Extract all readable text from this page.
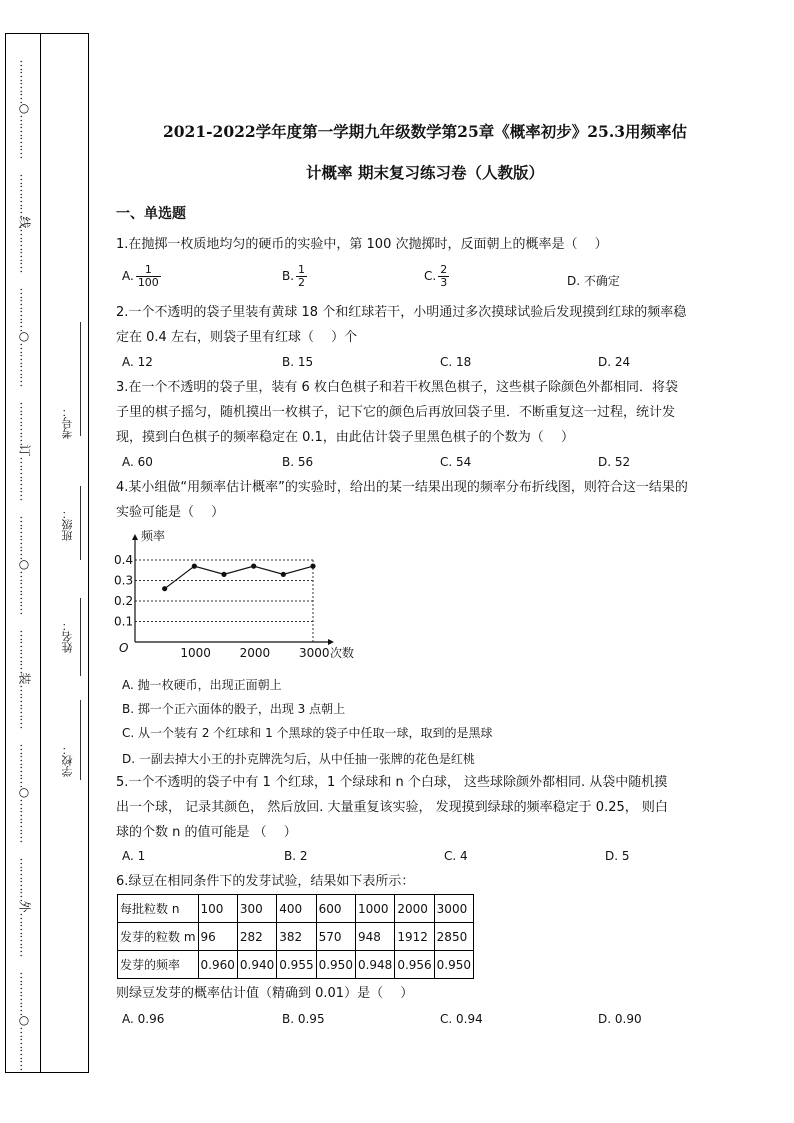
…
…
…
…
…
…
…
…
○
…
…
…
…
…
…
…
…
线
…
…
…
…
…
…
…
…
○
…
…
…
…
…
…
…
…
订
…
…
…
…
…
…
…
…
○
…
…
…
…
…
…
…
…
装
…
…
…
…
…
…
…
…
○
…
…
…
…
…
…
…
…
外
…
…
…
…
…
…
…
…
○
考号：
班级：
姓名：
学校：
2021-2022学年度第一学期九年级数学第25章《概率初步》25.3用频率估
计概率 期末复习练习卷（人教版）
一、单选题
1.在抛掷一枚质地均匀的硬币的实验中，第 100 次抛掷时，反面朝上的概率是（　 ）
A. $\frac{1}{100}$	B. $\frac{1}{2}$	C. $\frac{2}{3}$	D. 不确定
2.一个不透明的袋子里装有黄球 18 个和红球若干，小明通过多次摸球试验后发现摸到红球的频率稳
定在 0.4 左右，则袋子里有红球（　 ）个
A. 12	B. 15	C. 18	D. 24
3.在一个不透明的袋子里，装有 6 枚白色棋子和若干枚黑色棋子，这些棋子除颜色外都相同．将袋
子里的棋子摇匀，随机摸出一枚棋子，记下它的颜色后再放回袋子里．不断重复这一过程，统计发
现，摸到白色棋子的频率稳定在 0.1，由此估计袋子里黑色棋子的个数为（　 ）
A. 60	B. 56	C. 54	D. 52
4.某小组做“用频率估计概率”的实验时，给出的某一结果出现的频率分布折线图，则符合这一结果的
实验可能是（　 ）
0.1
0.2
0.3
0.4
1000 2000 3000
频率
次数
O
A. 抛一枚硬币，出现正面朝上
B. 掷一个正六面体的骰子，出现 3 点朝上
C. 从一个装有 2 个红球和 1 个黑球的袋子中任取一球，取到的是黑球
D. 一副去掉大小王的扑克牌洗匀后，从中任抽一张牌的花色是红桃
5.一个不透明的袋子中有 1 个红球，1 个绿球和 n 个白球， 这些球除颜外都相同. 从袋中随机摸
出一个球， 记录其颜色， 然后放回. 大量重复该实验， 发现摸到绿球的频率稳定于 0.25， 则白
球的个数 n 的值可能是 （　 ）
A. 1	B. 2	C. 4	D. 5
6.绿豆在相同条件下的发芽试验，结果如下表所示：
每批粒数 n	100	300	400	600	1000	2000	3000
发芽的粒数 m	96	282	382	570	948	1912	2850
发芽的频率	0.960	0.940	0.955	0.950	0.948	0.956	0.950
则绿豆发芽的概率估计值（精确到 0.01）是（　 ）
A. 0.96	B. 0.95	C. 0.94	D. 0.90
